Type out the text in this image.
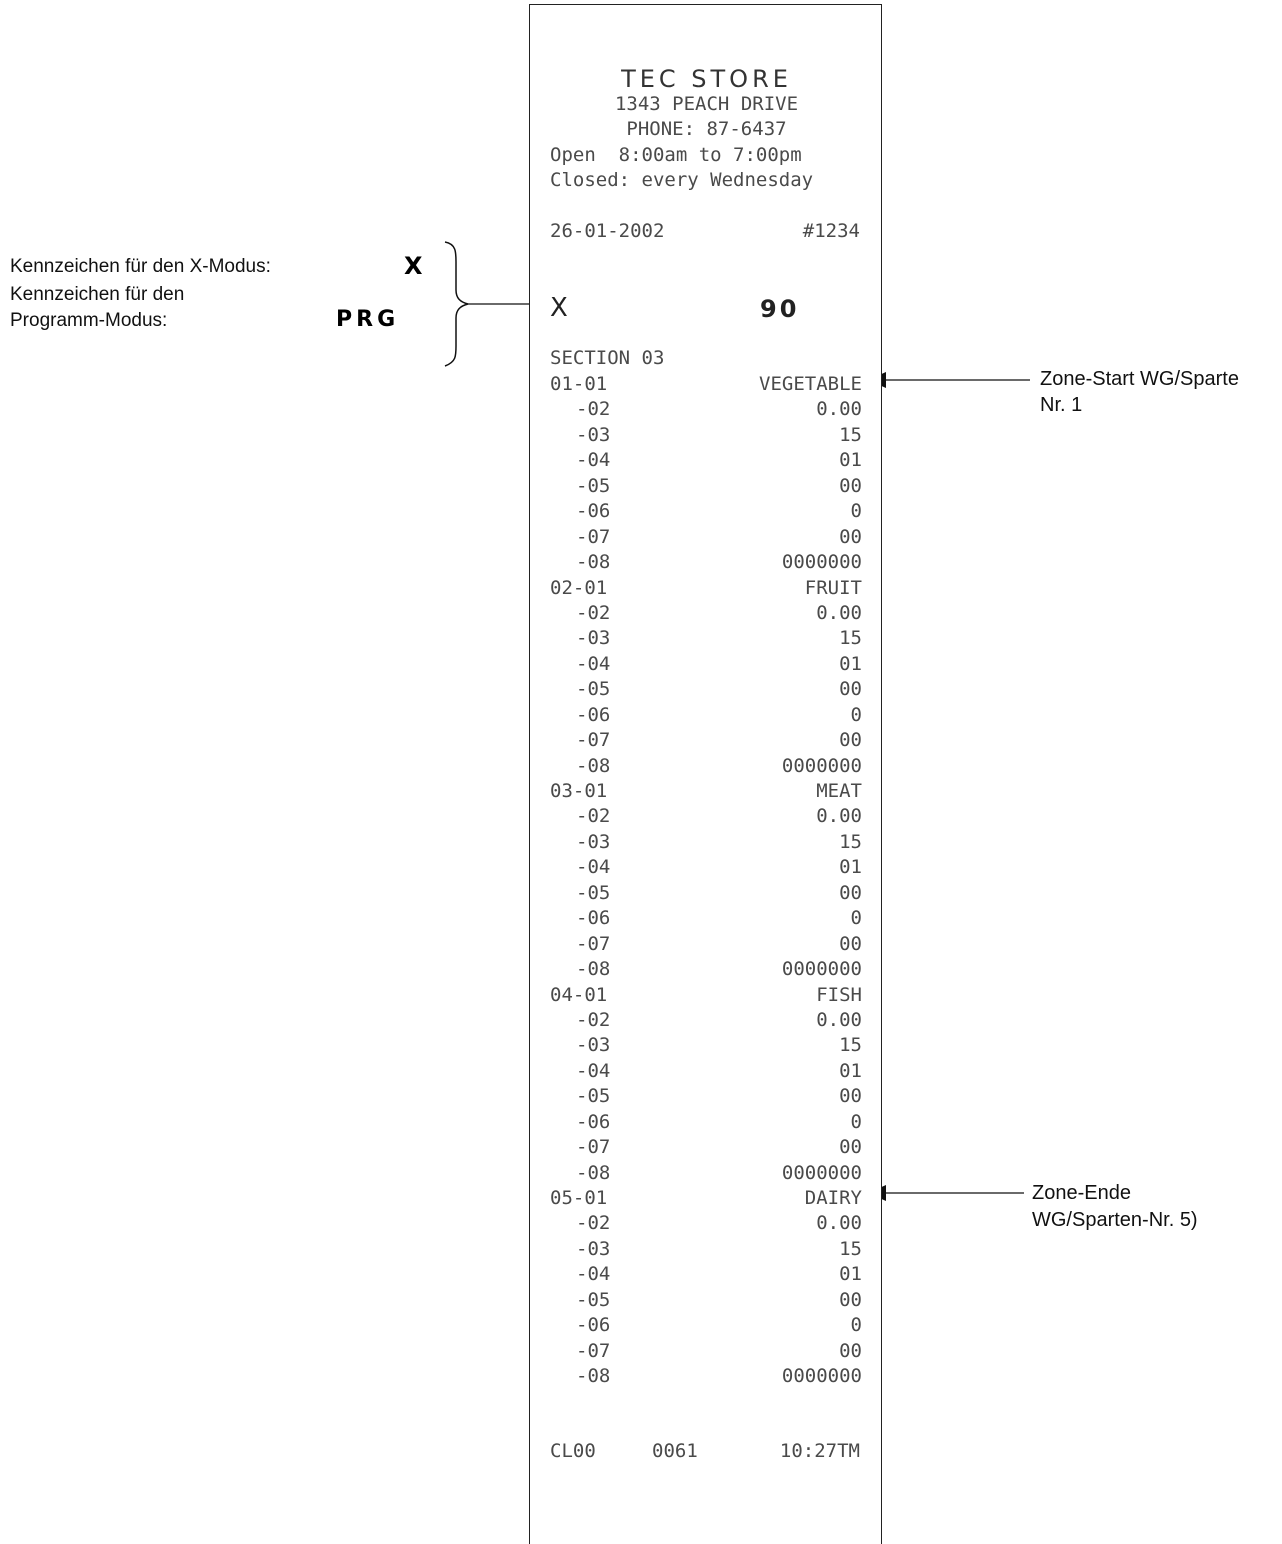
Kennzeichen für den X-Modus:	X
Kennzeichen für den
Programm-Modus:	PRG
Zone-Start WG/Sparte
Nr. 1
Zone-Ende
WG/Sparten-Nr. 5)
TEC STORE
1343 PEACH DRIVE
PHONE: 87-6437
Open  8:00am to 7:00pm
Closed: every Wednesday
26-01-2002	#1234
X	90
SECTION 03
01-01	VEGETABLE
-02	0.00
-03	15
-04	01
-05	00
-06	0
-07	00
-08	0000000
02-01	FRUIT
-02	0.00
-03	15
-04	01
-05	00
-06	0
-07	00
-08	0000000
03-01	MEAT
-02	0.00
-03	15
-04	01
-05	00
-06	0
-07	00
-08	0000000
04-01	FISH
-02	0.00
-03	15
-04	01
-05	00
-06	0
-07	00
-08	0000000
05-01	DAIRY
-02	0.00
-03	15
-04	01
-05	00
-06	0
-07	00
-08	0000000
CL00	0061	10:27TM
